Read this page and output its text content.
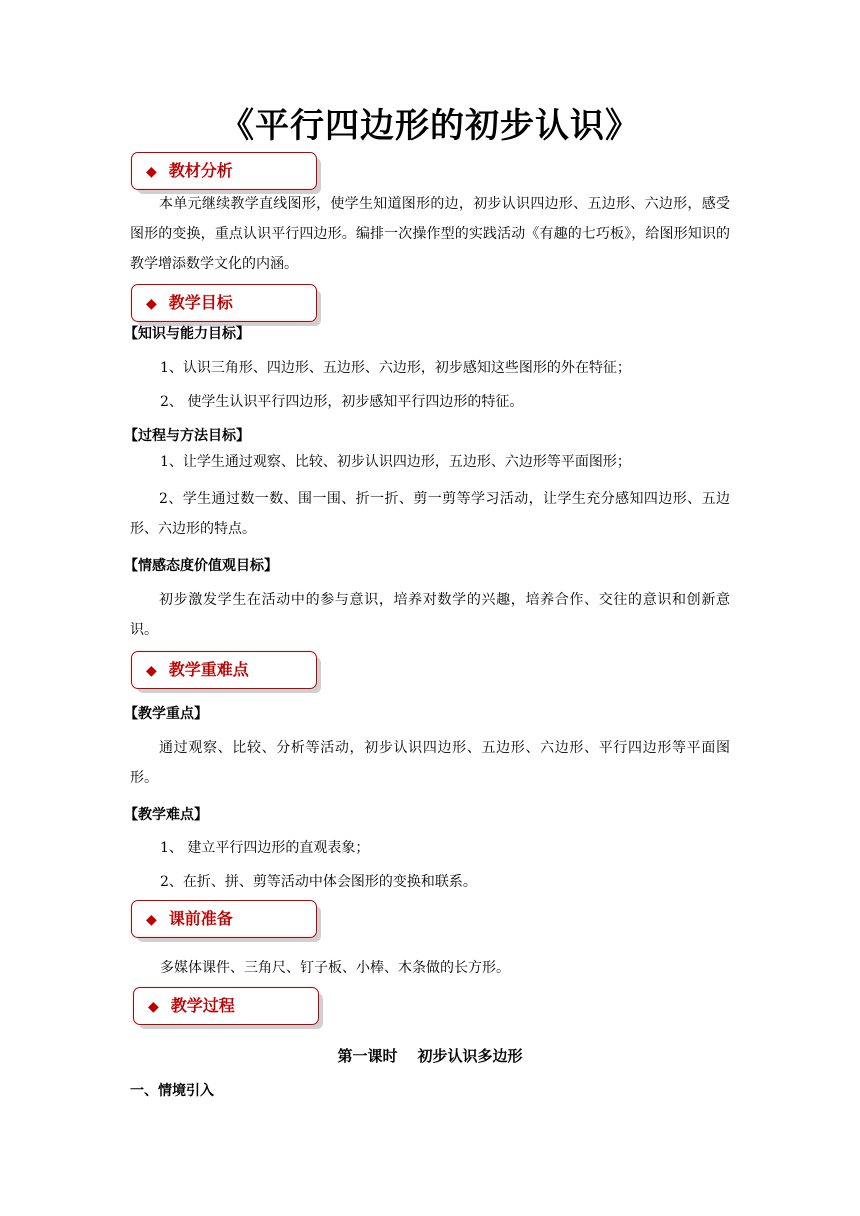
《平行四边形的初步认识》
◆ 教材分析
本单元继续教学直线图形，使学生知道图形的边，初步认识四边形、五边形、六边形，感受图形的变换，重点认识平行四边形。编排一次操作型的实践活动《有趣的七巧板》，给图形知识的教学增添数学文化的内涵。
◆ 教学目标
【知识与能力目标】
1、认识三角形、四边形、五边形、六边形，初步感知这些图形的外在特征；
2、 使学生认识平行四边形，初步感知平行四边形的特征。
【过程与方法目标】
1、让学生通过观察、比较、初步认识四边形，五边形、六边形等平面图形；
2、学生通过数一数、围一围、折一折、剪一剪等学习活动，让学生充分感知四边形、五边形、六边形的特点。
【情感态度价值观目标】
初步激发学生在活动中的参与意识，培养对数学的兴趣，培养合作、交往的意识和创新意识。
◆ 教学重难点
【教学重点】
通过观察、比较、分析等活动，初步认识四边形、五边形、六边形、平行四边形等平面图形。
【教学难点】
1、 建立平行四边形的直观表象；
2、在折、拼、剪等活动中体会图形的变换和联系。
◆ 课前准备
多媒体课件、三角尺、钉子板、小棒、木条做的长方形。
◆ 教学过程
第一课时 初步认识多边形
一、情境引入
